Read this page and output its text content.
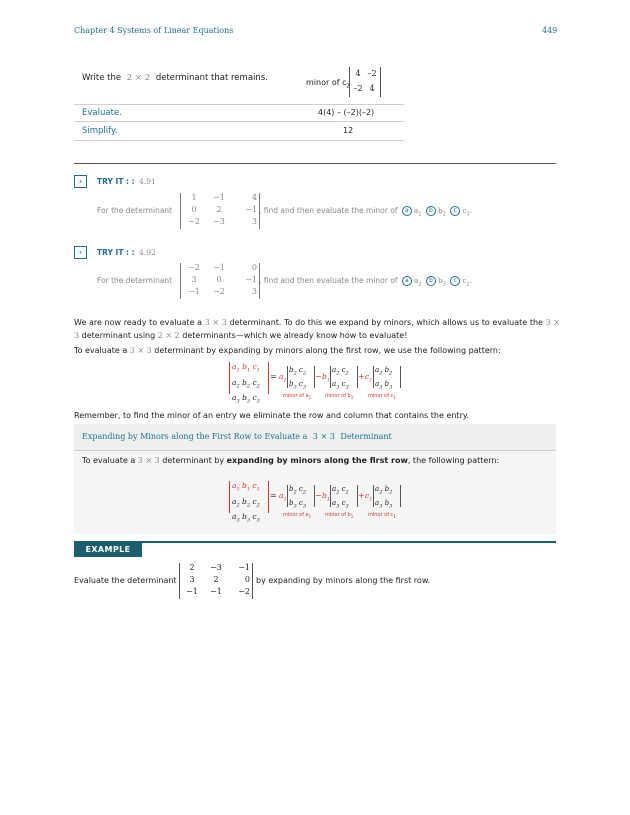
Chapter 4 Systems of Linear Equations	449
Write the 2 × 2 determinant that remains.	minor of $c_2$
4 –2
–2 4
Evaluate.	4(4) – (–2)(–2)
Simplify.	12
›	TRY IT : : 4.91
For the determinant
1	−1	4
0	2	−1
−2	−3	3
, find and then evaluate the minor of a $a_1$ b $b_2$ c $c_3$.
›	TRY IT : : 4.92
For the determinant
−2	−1	0
3	0	−1
−1	−2	3
, find and then evaluate the minor of a $a_2$ b $b_3$ c $c_2$.
We are now ready to evaluate a 3 × 3 determinant. To do this we expand by minors, which allows us to evaluate the 3 × 3 determinant using 2 × 2 determinants—which we already know how to evaluate!
To evaluate a 3 × 3 determinant by expanding by minors along the first row, we use the following pattern:
$a_1$ $b_1$ $c_1$
$a_2$ $b_2$ $c_2$
$a_3$ $b_3$ $c_3$
= $a_1$
$b_2$ $c_2$
$b_3$ $c_3$
− $b_1$
$a_2$ $c_2$
$a_3$ $c_3$
+ $c_1$
$a_2$ $b_2$
$a_3$ $b_3$
minor of $a_1$	minor of $b_1$	minor of $c_1$
Remember, to find the minor of an entry we eliminate the row and column that contains the entry.
Expanding by Minors along the First Row to Evaluate a 3 × 3 Determinant
To evaluate a 3 × 3 determinant by expanding by minors along the first row, the following pattern:
$a_1$ $b_1$ $c_1$
$a_2$ $b_2$ $c_2$
$a_3$ $b_3$ $c_3$
= $a_1$
$b_2$ $c_2$
$b_3$ $c_3$
− $b_1$
$a_2$ $c_2$
$a_3$ $c_3$
+ $c_1$
$a_2$ $b_2$
$a_3$ $b_3$
minor of $a_1$	minor of $b_1$	minor of $c_1$
EXAMPLE 4.47
Evaluate the determinant
2	−3	−1
3	2	0
−1	−1	−2
by expanding by minors along the first row.
